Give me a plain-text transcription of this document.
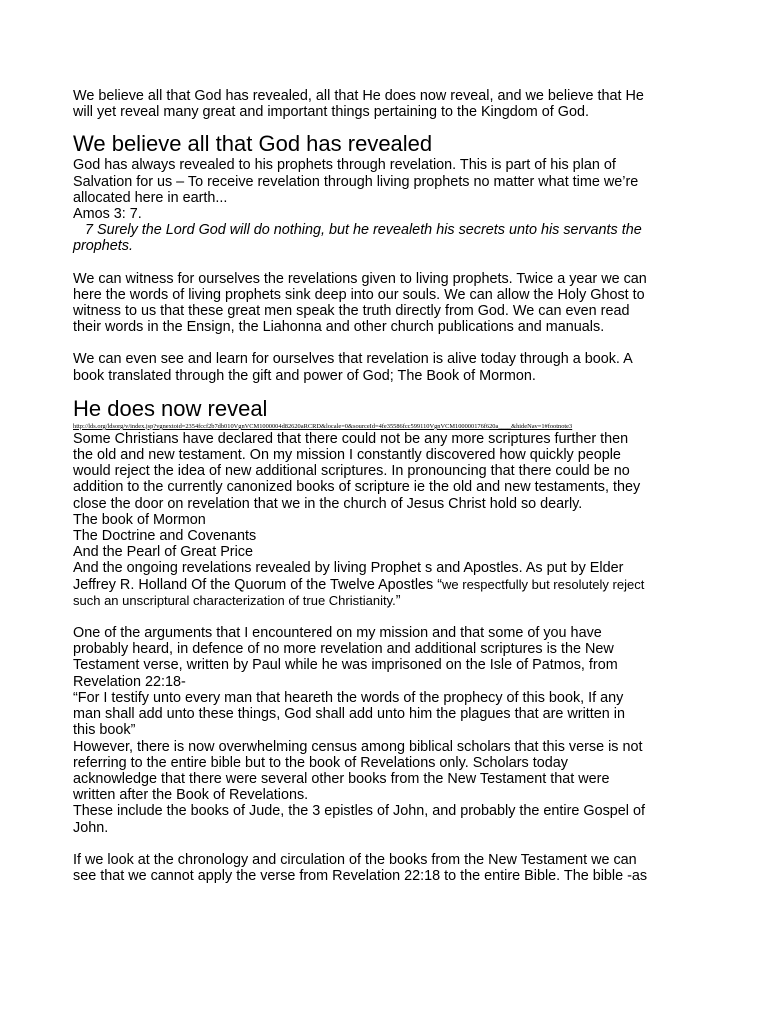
We believe all that God has revealed, all that He does now reveal, and we believe that He

will yet reveal many great and important things pertaining to the Kingdom of God.

We believe all that God has revealed

God has always revealed to his prophets through revelation. This is part of his plan of

Salvation for us – To receive revelation through living prophets no matter what time we’re

allocated here in earth...

Amos 3: 7.

7 Surely the Lord God will do nothing, but he revealeth his secrets unto his servants the

prophets.

We can witness for ourselves the revelations given to living prophets. Twice a year we can

here the words of living prophets sink deep into our souls. We can allow the Holy Ghost to

witness to us that these great men speak the truth directly from God. We can even read

their words in the Ensign, the Liahonna and other church publications and manuals.

We can even see and learn for ourselves that revelation is alive today through a book. A

book translated through the gift and power of God; The Book of Mormon.

He does now reveal

http://lds.org/ldsorg/v/index.jsp?vgnextoid=2354fccf2b7db010VgnVCM1000004d82620aRCRD&locale=0&sourceId=4fe35586fcc599110VgnVCM100000176f620a____&hideNav=1#footnote3

Some Christians have declared that there could not be any more scriptures further then

the old and new testament. On my mission I constantly discovered how quickly people

would reject the idea of new additional scriptures. In pronouncing that there could be no

addition to the currently canonized books of scripture ie the old and new testaments, they

close the door on revelation that we in the church of Jesus Christ hold so dearly.

The book of Mormon

The Doctrine and Covenants

And the Pearl of Great Price

And the ongoing revelations revealed by living Prophet s and Apostles. As put by Elder

Jeffrey R. Holland Of the Quorum of the Twelve Apostles “we respectfully but resolutely reject

such an unscriptural characterization of true Christianity.”

One of the arguments that I encountered on my mission and that some of you have

probably heard, in defence of no more revelation and additional scriptures is the New

Testament verse, written by Paul while he was imprisoned on the Isle of Patmos, from

Revelation 22:18-

“For I testify unto every man that heareth the words of the prophecy of this book, If any

man shall add unto these things, God shall add unto him the plagues that are written in

this book”

However, there is now overwhelming census among biblical scholars that this verse is not

referring to the entire bible but to the book of Revelations only. Scholars today

acknowledge that there were several other books from the New Testament that were

written after the Book of Revelations.

These include the books of Jude, the 3 epistles of John, and probably the entire Gospel of

John.

If we look at the chronology and circulation of the books from the New Testament we can

see that we cannot apply the verse from Revelation 22:18 to the entire Bible. The bible -as
